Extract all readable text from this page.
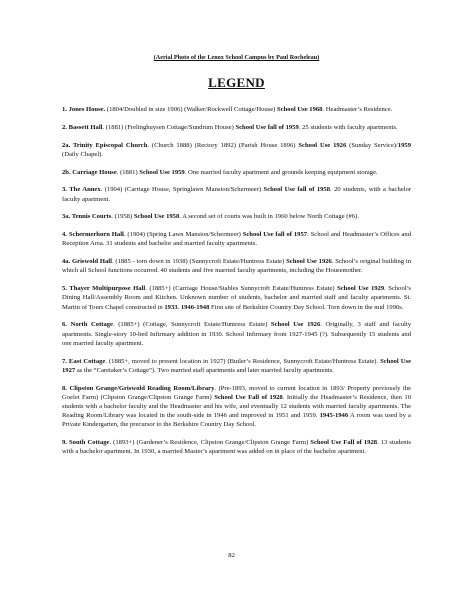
(Aerial Photo of the Lenox School Campus by Paul Rocheleau)

LEGEND

1. Jones House. (1804/Doubled in size 1906) (Walker/Rockwell Cottage/House) School Use 1968. Headmaster’s Residence.

2. Bassett Hall. (1881) (Frelinghuysen Cottage/Sundrum House) School Use fall of 1959. 25 students with faculty apartments.

2a. Trinity Episcopal Church. (Church 1888) (Rectory 1892) (Parish House 1896) School Use 1926 (Sunday Service)/1959 (Daily Chapel).

2b. Carriage House. (1881) School Use 1959. One married faculty apartment and grounds keeping equipment storage.

3. The Annex. (1904) (Carriage House, Springlawn Mansion/Schermeer) School Use fall of 1958. 20 students, with a bachelor faculty apartment.

3a. Tennis Courts. (1958) School Use 1958. A second set of courts was built in 1960 below North Cottage (#6).

4. Schermerhorn Hall. (1904) (Spring Lawn Mansion/Schermeer) School Use fall of 1957. School and Headmaster’s Offices and Reception Area. 31 students and bachelor and married faculty apartments.

4a. Griswold Hall. (1885 - torn down in 1938) (Sunnycroft Estate/Huntress Estate) School Use 1926. School’s original building in which all School functions occurred. 40 students and five married faculty apartments, including the Housemother.

5. Thayer Multipurpose Hall. (1885+) (Carriage House/Stables Sunnycroft Estate/Huntress Estate) School Use 1929. School’s Dining Hall/Assembly Room and Kitchen. Unknown number of students, bachelor and married staff and faculty apartments. St. Martin of Tours Chapel constructed in 1933. 1946-1948 First site of Berkshire Country Day School. Torn down in the mid 1990s.

6. North Cottage. (1885+) (Cottage, Sunnycroft Estate/Huntress Estate) School Use 1926. Originally, 3 staff and faculty apartments. Single-story 10-bed Infirmary addition in 1930. School Infirmary from 1927-1945 (?). Subsequently 15 students and one married faculty apartment.

7. East Cottage. (1885+, moved to present location in 1927) (Butler’s Residence, Sunnycroft Estate/Huntress Estate). School Use 1927 as the “Caretaker’s Cottage”). Two married staff apartments and later married faculty apartments.

8. Clipston Grange/Griswold Reading Room/Library. (Pre-1893, moved to current location in 1893/ Property previously the Goelet Farm) (Clipston Grange/Clipston Grange Farm) School Use Fall of 1928. Initially the Headmaster’s Residence, then 10 students with a bachelor faculty and the Headmaster and his wife, and eventually 12 students with married faculty apartments. The Reading Room/Library was located in the south-side in 1946 and improved in 1951 and 1959. 1945-1946 A room was used by a Private Kindergarten, the precursor to the Berkshire Country Day School.

9. South Cottage. (1893+) (Gardener’s Residence, Clipston Grange/Clipston Grange Farm) School Use Fall of 1928. 13 students with a bachelor apartment. In 1930, a married Master’s apartment was added on in place of the bachelor apartment.

82
